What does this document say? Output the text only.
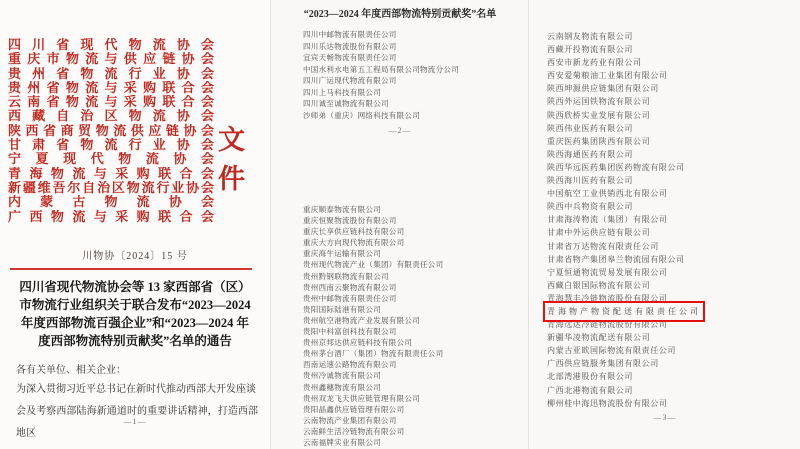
四川省现代物流协会
重庆市物流与供应链协会
贵州省物流行业协会
贵州省物流与采购联合会
云南省物流与采购联合会
西藏自治区物流协会
陕西省商贸物流供应链协会
甘肃省物流行业协会
宁夏现代物流协会
青海物流与采购联合会
新疆维吾尔自治区物流行业协会
内蒙古物流协会
广西物流与采购联合会
文件
川物协〔2024〕15 号
四川省现代物流协会等 13 家西部省（区）
市物流行业组织关于联合发布“2023—2024
年度西部物流百强企业”和“2023—2024 年
度西部物流特别贡献奖”名单的通告
各有关单位、相关企业：
为深入贯彻习近平总书记在新时代推动西部大开发座谈
会及考察西部陆海新通道时的重要讲话精神，打造西部地区
—1—
“2023—2024 年度西部物流特别贡献奖”名单
四川中邮物流有限责任公司
四川乐达物流股份有限公司
宜宾天畅物流有限责任公司
中国水利水电第五工程局有限公司物流分公司
四川广运现代物流有限公司
四川上马科技有限公司
四川诚至诚物流有限公司
沙师弟（重庆）网络科技有限公司
—2—
重庆顺泰物流有限公司
重庆恒聚物流股份有限公司
重庆长享供应链科技有限公司
重庆大方向现代物流有限公司
重庆海牛运输有限公司
贵州现代物流产业（集团）有限责任公司
贵州黔钢联物流有限公司
贵州西南云聚物流有限公司
贵州中邮物流有限责任公司
贵阳国际陆港有限公司
贵州航空港物流产业发展有限公司
贵阳中科富创科技有限公司
贵州京邦达供应链科技有限公司
贵州茅台酒厂（集团）物流有限责任公司
西南运速公路物流有限公司
贵州冷诚物流有限公司
贵州鑫穗物流有限公司
贵州双龙飞天供应链管理有限公司
贵阳晶鑫供应链管理有限公司
云南物流产业集团有限公司
云南鲜生活冷链物流有限公司
云南福牌实业有限公司
云南钢友物流有限公司
西藏开投物流有限公司
西安市新龙药业有限公司
西安爱菊粮油工业集团有限公司
陕西坤源供应链集团有限公司
陕西外运国铁物流有限公司
陕西欣桥实业发展有限公司
陕西伟业医药有限公司
重庆医药集团陕西有限公司
陕西海通医药有限公司
陕西华远医药集团医药物流有限公司
陕西海川医药有限公司
中国航空工业供销西北有限公司
陕西中兵物资有限公司
甘肃海涛物流（集团）有限公司
甘肃中外运供应链有限公司
甘肃省万达物流有限责任公司
甘肃省物产集团皋兰物流园有限公司
宁夏恒通物流贸易发展有限公司
西藏白银国际物流有限公司
青海慧丰冷链物流股份有限公司
青海物产物资配送有限责任公司
青海远达冷链物流股份有限公司
新疆华凌物流配送有限公司
内蒙古亚欧国际物流有限责任公司
广西供应链服务集团有限公司
北部湾港股份有限公司
广西北港物流有限公司
柳州桂中海迅物流股份有限公司
—3—
